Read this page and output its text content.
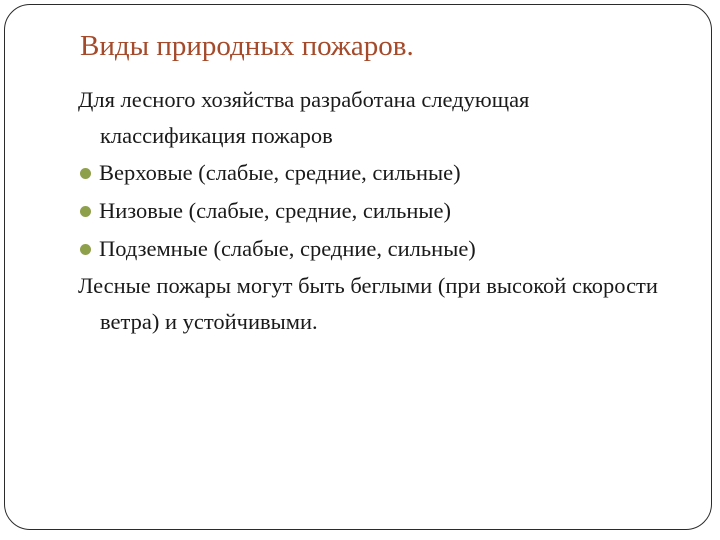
Виды природных пожаров.
Для лесного хозяйства разработана следующая классификация пожаров
Верховые (слабые, средние, сильные)
Низовые (слабые, средние, сильные)
Подземные (слабые, средние, сильные)
Лесные пожары могут быть беглыми (при высокой скорости ветра) и устойчивыми.
